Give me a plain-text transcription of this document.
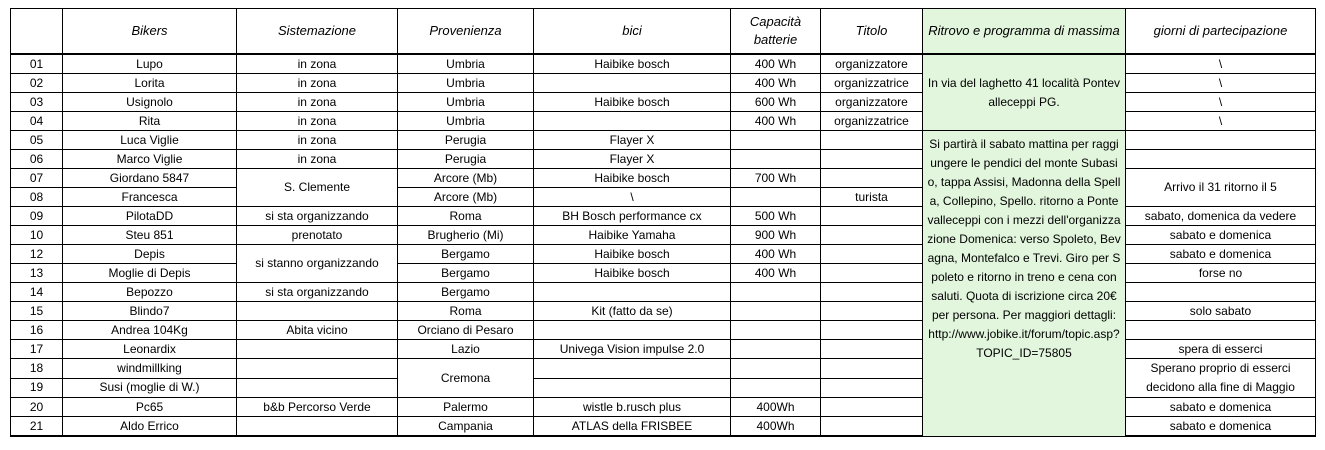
	Bikers	Sistemazione	Provenienza	bici	Capacità batterie	Titolo	Ritrovo e programma di massima	giorni di partecipazione
01	Lupo	in zona	Umbria	Haibike bosch	400 Wh	organizzatore	In via del laghetto 41 località Pontevalleceppi PG.	\
02	Lorita	in zona	Umbria		400 Wh	organizzatrice		\
03	Usignolo	in zona	Umbria	Haibike bosch	600 Wh	organizzatore		\
04	Rita	in zona	Umbria		400 Wh	organizzatrice		\
05	Luca Viglie	in zona	Perugia	Flayer X			Si partirà il sabato mattina per raggiungere le pendici del monte Subasio, tappa Assisi, Madonna della Spella, Collepino, Spello. ritorno a Pontevalleceppi con i mezzi dell'organizzazione Domenica: verso Spoleto, Bevagna, Montefalco e Trevi. Giro per Spoleto e ritorno in treno e cena con saluti. Quota di iscrizione circa 20€ per persona. Per maggiori dettagli: http://www.jobike.it/forum/topic.asp?TOPIC_ID=75805	
06	Marco Viglie	in zona	Perugia	Flayer X				
07	Giordano 5847	S. Clemente	Arcore (Mb)	Haibike bosch	700 Wh			Arrivo il 31 ritorno il 5
08	Francesca		Arcore (Mb)	\		turista		
09	PilotaDD	si sta organizzando	Roma	BH Bosch performance cx	500 Wh			sabato, domenica da vedere
10	Steu 851	prenotato	Brugherio (Mi)	Haibike Yamaha	900 Wh			sabato e domenica
12	Depis	si stanno organizzando	Bergamo	Haibike bosch	400 Wh			sabato e domenica
13	Moglie di Depis		Bergamo	Haibike bosch	400 Wh			forse no
14	Bepozzo	si sta organizzando	Bergamo					
15	Blindo7		Roma	Kit (fatto da se)				solo sabato
16	Andrea 104Kg	Abita vicino	Orciano di Pesaro					
17	Leonardix		Lazio	Univega Vision impulse 2.0				spera di esserci
18	windmillking		Cremona					Sperano proprio di esserci decidono alla fine di Maggio
19	Susi (moglie di W.)							
20	Pc65	b&b Percorso Verde	Palermo	wistle b.rusch plus	400Wh			sabato e domenica
21	Aldo Errico		Campania	ATLAS della FRISBEE	400Wh			sabato e domenica
